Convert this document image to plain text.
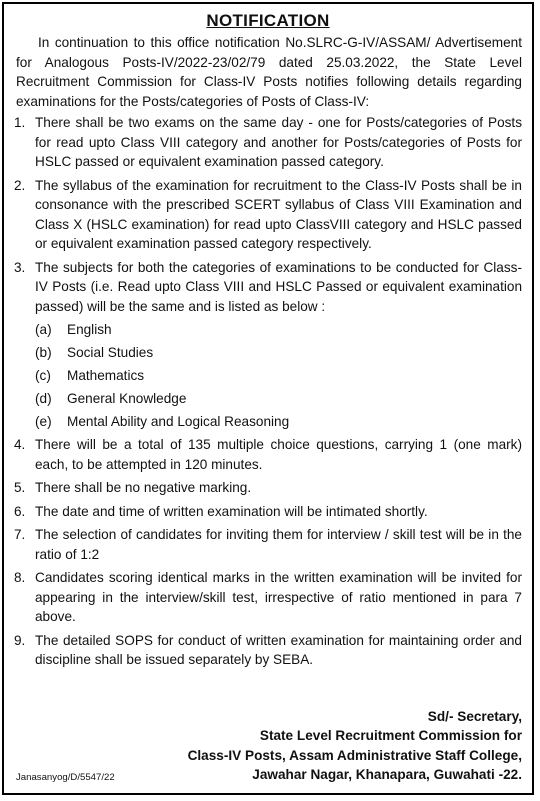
NOTIFICATION
In continuation to this office notification No.SLRC-G-IV/ASSAM/ Advertisement for Analogous Posts-IV/2022-23/02/79 dated 25.03.2022, the State Level Recruitment Commission for Class-IV Posts notifies following details regarding examinations for the Posts/categories of Posts of Class-IV:
1. There shall be two exams on the same day - one for Posts/categories of Posts for read upto Class VIII category and another for Posts/categories of Posts for HSLC passed or equivalent examination passed category.
2. The syllabus of the examination for recruitment to the Class-IV Posts shall be in consonance with the prescribed SCERT syllabus of Class VIII Examination and Class X (HSLC examination) for read upto ClassVIII category and HSLC passed or equivalent examination passed category respectively.
3. The subjects for both the categories of examinations to be conducted for Class-IV Posts (i.e. Read upto Class VIII and HSLC Passed or equivalent examination passed) will be the same and is listed as below :
(a) English
(b) Social Studies
(c) Mathematics
(d) General Knowledge
(e) Mental Ability and Logical Reasoning
4. There will be a total of 135 multiple choice questions, carrying 1 (one mark) each, to be attempted in 120 minutes.
5. There shall be no negative marking.
6. The date and time of written examination will be intimated shortly.
7. The selection of candidates for inviting them for interview / skill test will be in the ratio of 1:2
8. Candidates scoring identical marks in the written examination will be invited for appearing in the interview/skill test, irrespective of ratio mentioned in para 7 above.
9. The detailed SOPS for conduct of written examination for maintaining order and discipline shall be issued separately by SEBA.
Sd/- Secretary,
State Level Recruitment Commission for
Class-IV Posts, Assam Administrative Staff College,
Jawahar Nagar, Khanapara, Guwahati -22.
Janasanyog/D/5547/22
